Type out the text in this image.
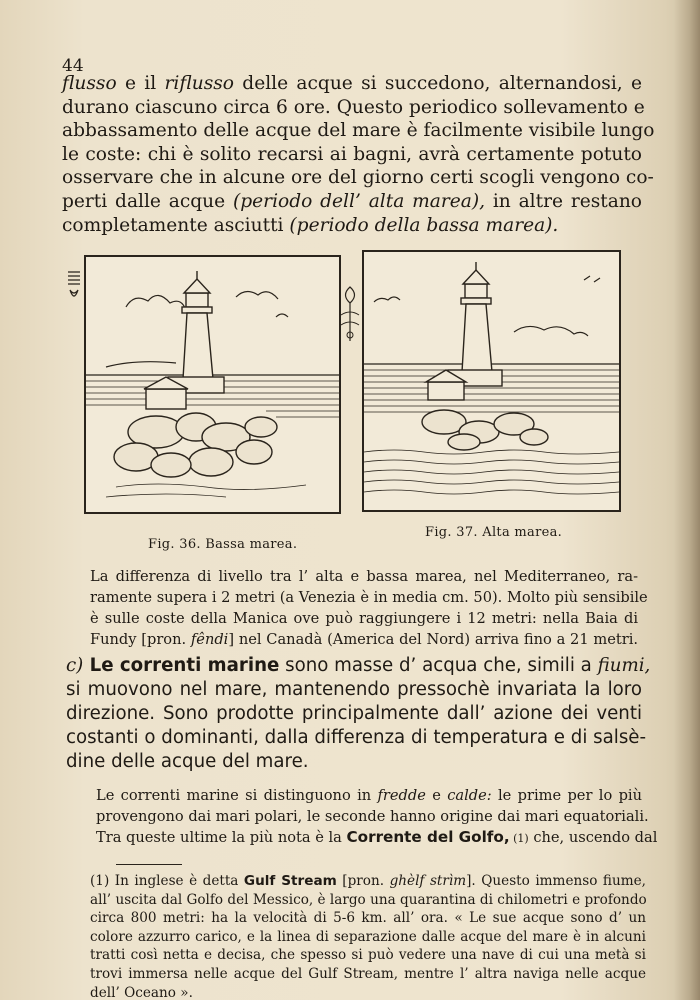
44
flusso e il riflusso delle acque si succedono, alternandosi, e
durano ciascuno circa 6 ore. Questo periodico sollevamento e
abbassamento delle acque del mare è facilmente visibile lungo
le coste: chi è solito recarsi ai bagni, avrà certamente potuto
osservare che in alcune ore del giorno certi scogli vengono co-
perti dalle acque (periodo dell’ alta marea), in altre restano
completamente asciutti (periodo della bassa marea).
Fig. 36. Bassa marea.
Fig. 37. Alta marea.
La differenza di livello tra l’ alta e bassa marea, nel Mediterraneo, ra-
ramente supera i 2 metri (a Venezia è in media cm. 50). Molto più sensibile
è sulle coste della Manica ove può raggiungere i 12 metri: nella Baia di
Fundy [pron. fêndi] nel Canadà (America del Nord) arriva fino a 21 metri.
c) Le correnti marine sono masse d’ acqua che, simili a fiumi,
si muovono nel mare, mantenendo pressochè invariata la loro
direzione. Sono prodotte principalmente dall’ azione dei venti
costanti o dominanti, dalla differenza di temperatura e di salsè-
dine delle acque del mare.
Le correnti marine si distinguono in fredde e calde: le prime per lo più
provengono dai mari polari, le seconde hanno origine dai mari equatoriali.
Tra queste ultime la più nota è la Corrente del Golfo, (1) che, uscendo dal
(1) In inglese è detta Gulf Stream [pron. ghèlf strìm]. Questo immenso fiume,
all’ uscita dal Golfo del Messico, è largo una quarantina di chilometri e profondo
circa 800 metri: ha la velocità di 5-6 km. all’ ora. « Le sue acque sono d’ un
colore azzurro carico, e la linea di separazione dalle acque del mare è in alcuni
tratti così netta e decisa, che spesso si può vedere una nave di cui una metà si
trovi immersa nelle acque del Gulf Stream, mentre l’ altra naviga nelle acque
dell’ Oceano ».
